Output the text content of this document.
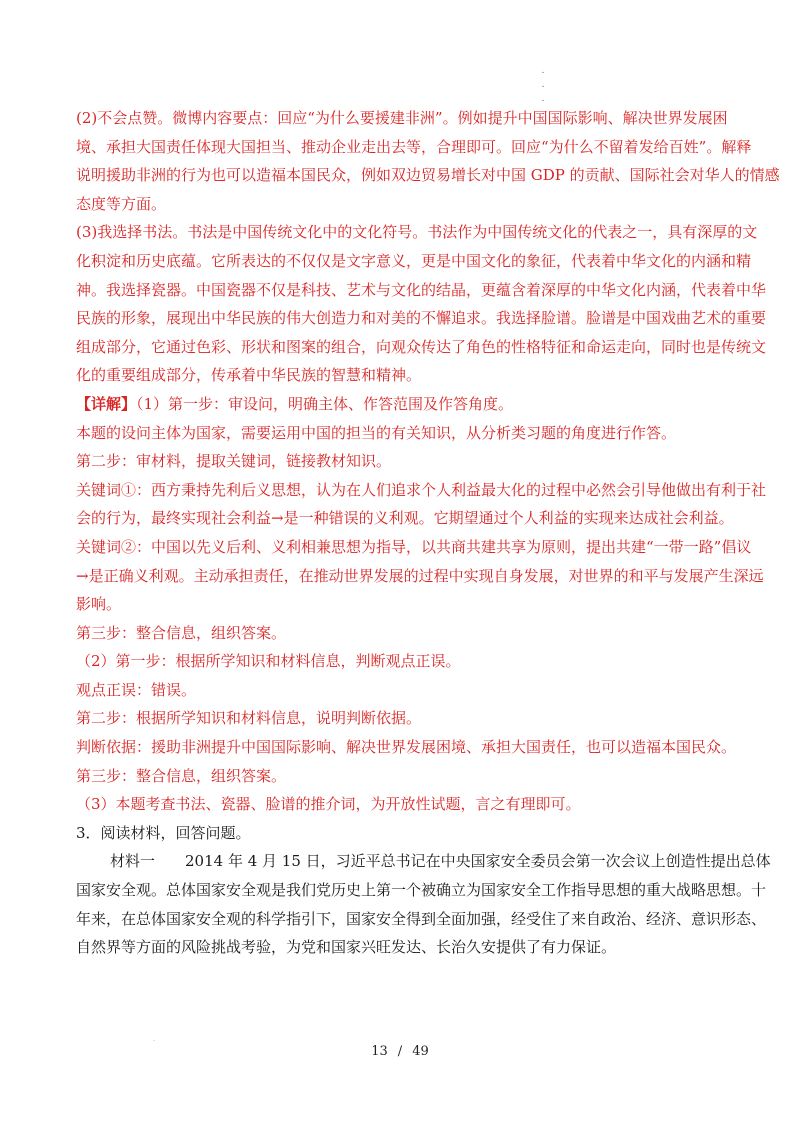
.
.
.
(2)不会点赞。微博内容要点：回应“为什么要援建非洲”。例如提升中国国际影响、解决世界发展困
境、承担大国责任体现大国担当、推动企业走出去等，合理即可。回应“为什么不留着发给百姓”。解释
说明援助非洲的行为也可以造福本国民众，例如双边贸易增长对中国 GDP 的贡献、国际社会对华人的情感
态度等方面。
(3)我选择书法。书法是中国传统文化中的文化符号。书法作为中国传统文化的代表之一，具有深厚的文
化积淀和历史底蕴。它所表达的不仅仅是文字意义，更是中国文化的象征，代表着中华文化的内涵和精
神。我选择瓷器。中国瓷器不仅是科技、艺术与文化的结晶，更蕴含着深厚的中华文化内涵，代表着中华
民族的形象，展现出中华民族的伟大创造力和对美的不懈追求。我选择脸谱。脸谱是中国戏曲艺术的重要
组成部分，它通过色彩、形状和图案的组合，向观众传达了角色的性格特征和命运走向，同时也是传统文
化的重要组成部分，传承着中华民族的智慧和精神。
【详解】（1）第一步：审设问，明确主体、作答范围及作答角度。
本题的设问主体为国家，需要运用中国的担当的有关知识，从分析类习题的角度进行作答。
第二步：审材料，提取关键词，链接教材知识。
关键词①：西方秉持先利后义思想，认为在人们追求个人利益最大化的过程中必然会引导他做出有利于社
会的行为，最终实现社会利益→是一种错误的义利观。它期望通过个人利益的实现来达成社会利益。
关键词②：中国以先义后利、义利相兼思想为指导，以共商共建共享为原则，提出共建“一带一路”倡议
→是正确义利观。主动承担责任，在推动世界发展的过程中实现自身发展，对世界的和平与发展产生深远
影响。
第三步：整合信息，组织答案。
（2）第一步：根据所学知识和材料信息，判断观点正误。
观点正误：错误。
第二步：根据所学知识和材料信息，说明判断依据。
判断依据：援助非洲提升中国国际影响、解决世界发展困境、承担大国责任，也可以造福本国民众。
第三步：整合信息，组织答案。
（3）本题考查书法、瓷器、脸谱的推介词，为开放性试题，言之有理即可。
3．阅读材料，回答问题。
材料一　　2014 年 4 月 15 日，习近平总书记在中央国家安全委员会第一次会议上创造性提出总体
国家安全观。总体国家安全观是我们党历史上第一个被确立为国家安全工作指导思想的重大战略思想。十
年来，在总体国家安全观的科学指引下，国家安全得到全面加强，经受住了来自政治、经济、意识形态、
自然界等方面的风险挑战考验，为党和国家兴旺发达、长治久安提供了有力保证。
.
13 / 49
